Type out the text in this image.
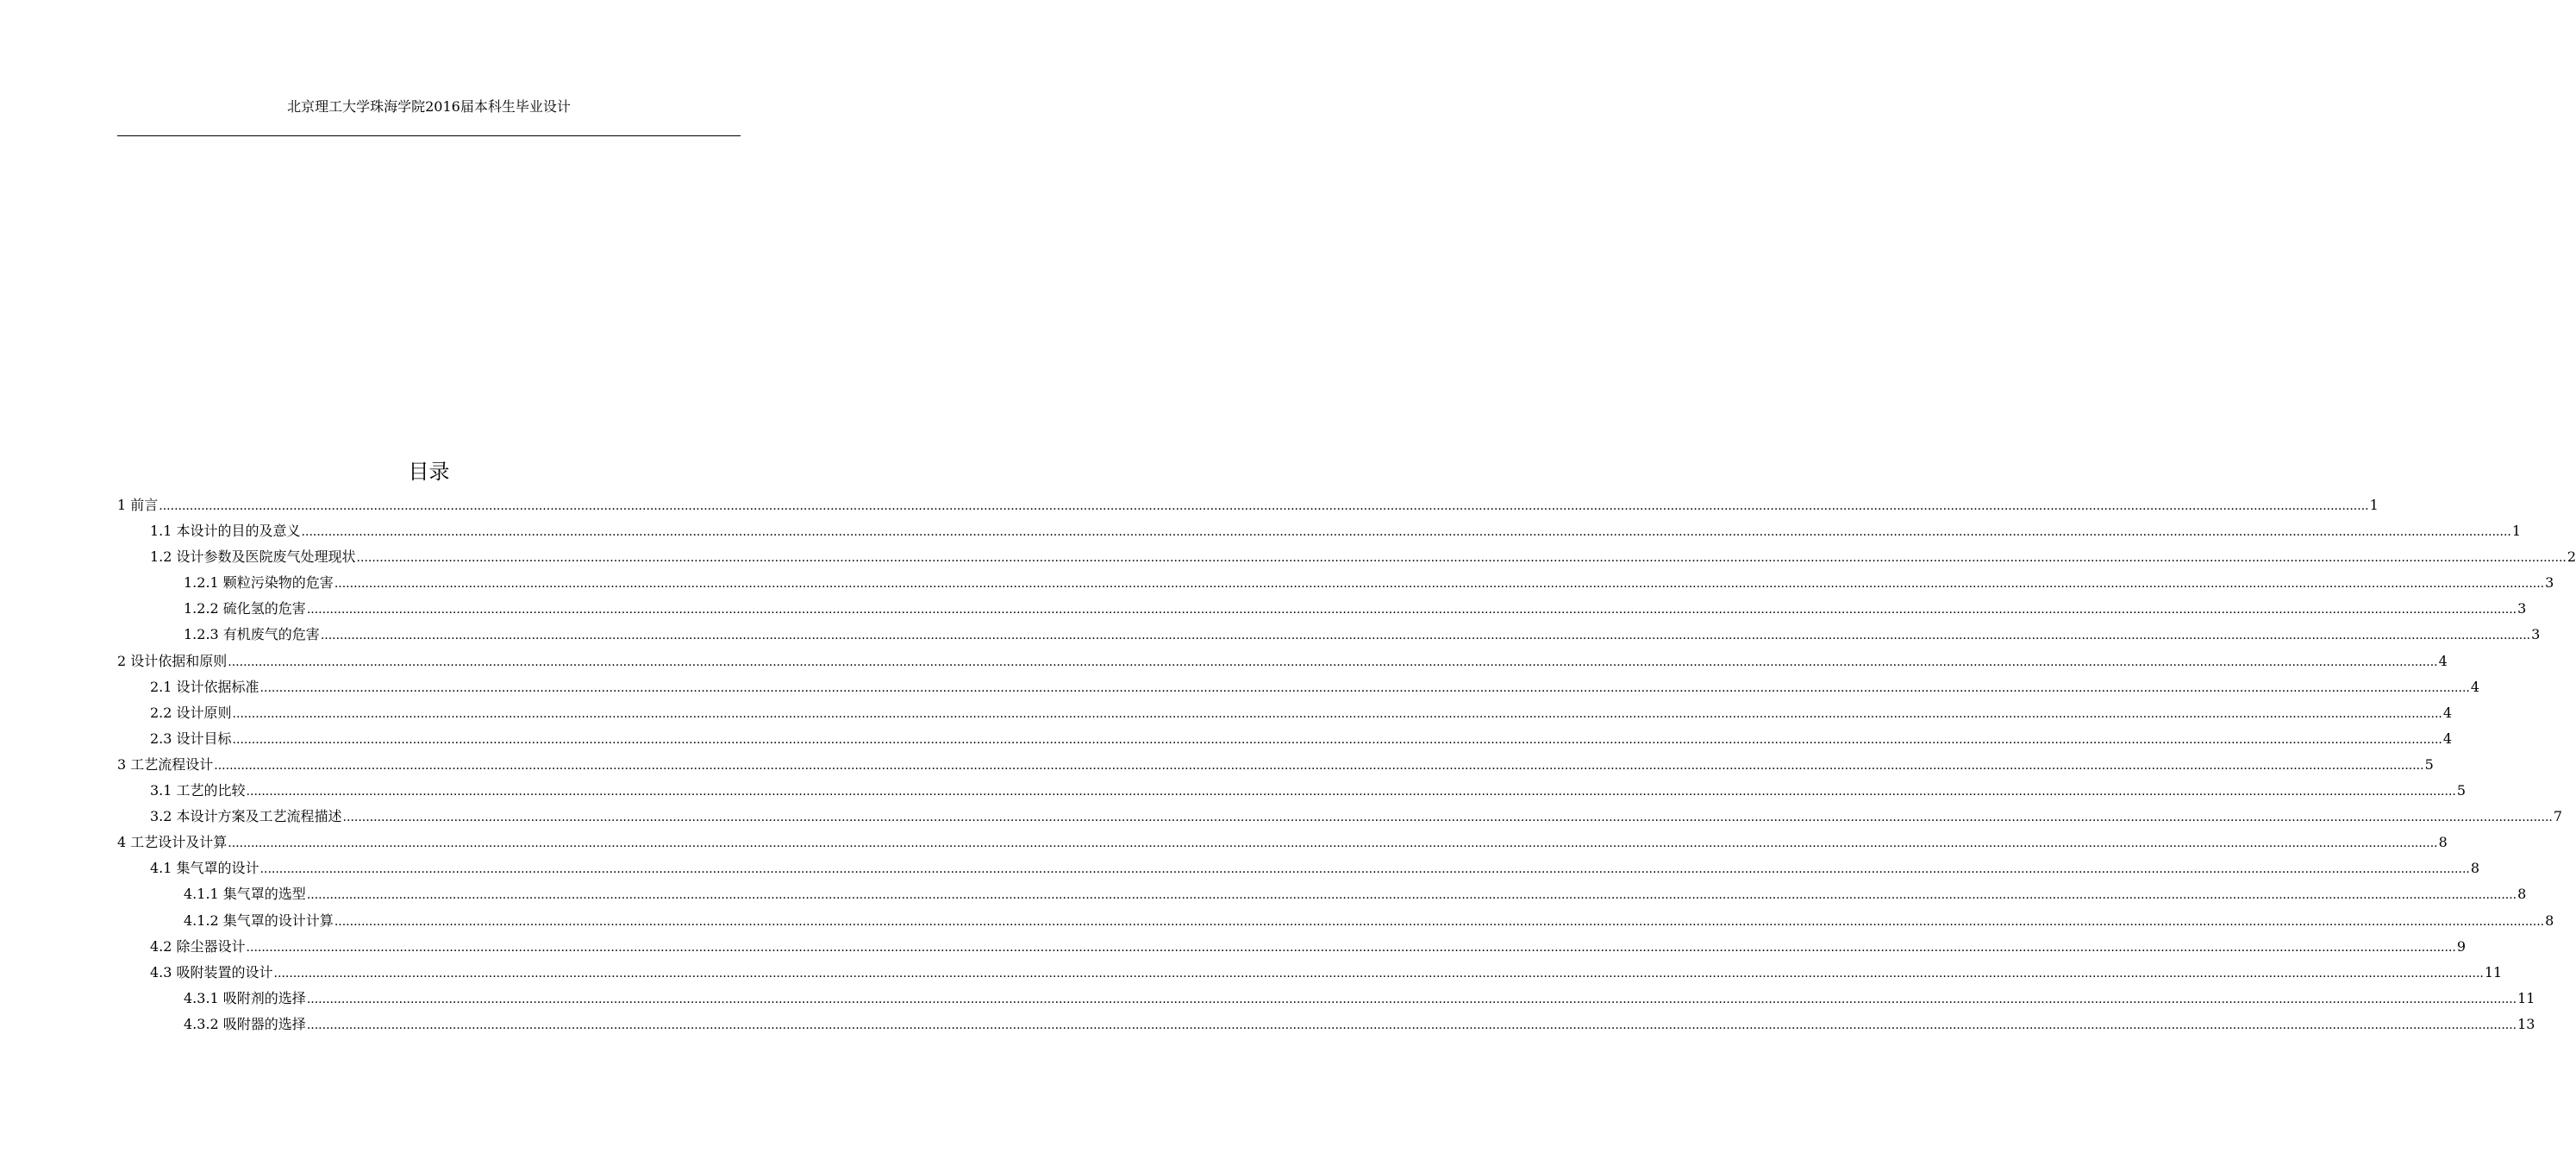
北京理工大学珠海学院2016届本科生毕业设计
目录
1 前言 ................................................................................................................................................................................................................................................................................................................................................................................................................................................................................................................................................................................................ 1
1.1 本设计的目的及意义 ................................................................................................................................................................................................................................................................................................................................................................................................................................................................................................................................................................................................ 1
1.2 设计参数及医院废气处理现状 ................................................................................................................................................................................................................................................................................................................................................................................................................................................................................................................................................................................................ 2
1.2.1 颗粒污染物的危害 ................................................................................................................................................................................................................................................................................................................................................................................................................................................................................................................................................................................................ 3
1.2.2 硫化氢的危害 ................................................................................................................................................................................................................................................................................................................................................................................................................................................................................................................................................................................................ 3
1.2.3 有机废气的危害 ................................................................................................................................................................................................................................................................................................................................................................................................................................................................................................................................................................................................ 3
2 设计依据和原则 ................................................................................................................................................................................................................................................................................................................................................................................................................................................................................................................................................................................................ 4
2.1 设计依据标准 ................................................................................................................................................................................................................................................................................................................................................................................................................................................................................................................................................................................................ 4
2.2 设计原则 ................................................................................................................................................................................................................................................................................................................................................................................................................................................................................................................................................................................................ 4
2.3 设计目标 ................................................................................................................................................................................................................................................................................................................................................................................................................................................................................................................................................................................................ 4
3 工艺流程设计 ................................................................................................................................................................................................................................................................................................................................................................................................................................................................................................................................................................................................ 5
3.1 工艺的比较 ................................................................................................................................................................................................................................................................................................................................................................................................................................................................................................................................................................................................ 5
3.2 本设计方案及工艺流程描述 ................................................................................................................................................................................................................................................................................................................................................................................................................................................................................................................................................................................................ 7
4 工艺设计及计算 ................................................................................................................................................................................................................................................................................................................................................................................................................................................................................................................................................................................................ 8
4.1 集气罩的设计 ................................................................................................................................................................................................................................................................................................................................................................................................................................................................................................................................................................................................ 8
4.1.1 集气罩的选型 ................................................................................................................................................................................................................................................................................................................................................................................................................................................................................................................................................................................................ 8
4.1.2 集气罩的设计计算 ................................................................................................................................................................................................................................................................................................................................................................................................................................................................................................................................................................................................ 8
4.2 除尘器设计 ................................................................................................................................................................................................................................................................................................................................................................................................................................................................................................................................................................................................ 9
4.3 吸附装置的设计 ................................................................................................................................................................................................................................................................................................................................................................................................................................................................................................................................................................................................ 11
4.3.1 吸附剂的选择 ................................................................................................................................................................................................................................................................................................................................................................................................................................................................................................................................................................................................ 11
4.3.2 吸附器的选择 ................................................................................................................................................................................................................................................................................................................................................................................................................................................................................................................................................................................................ 13
